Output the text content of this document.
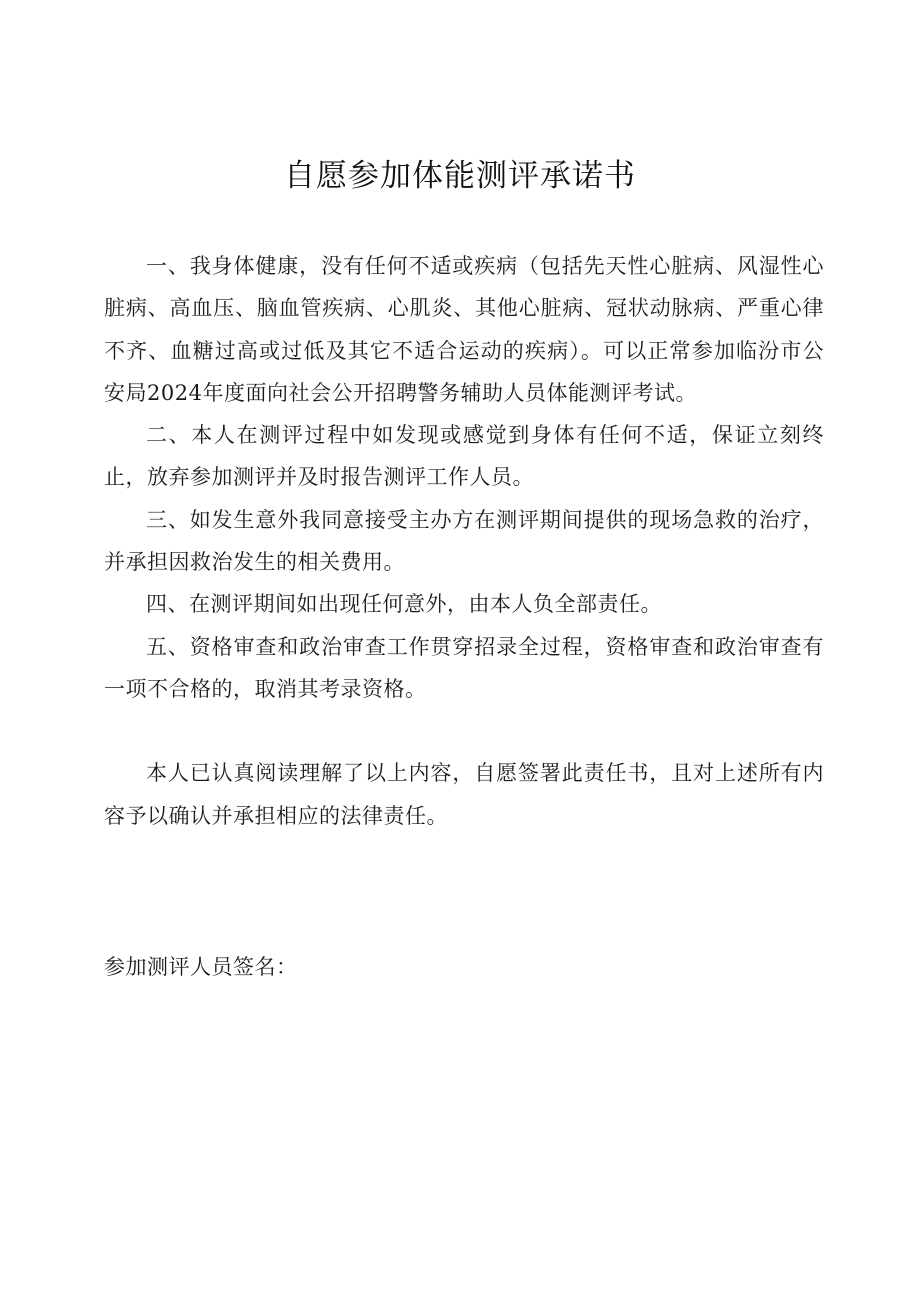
自愿参加体能测评承诺书

一、我身体健康，没有任何不适或疾病（包括先天性心脏病、风湿性心脏病、高血压、脑血管疾病、心肌炎、其他心脏病、冠状动脉病、严重心律不齐、血糖过高或过低及其它不适合运动的疾病）。可以正常参加临汾市公安局2024年度面向社会公开招聘警务辅助人员体能测评考试。

二、本人在测评过程中如发现或感觉到身体有任何不适，保证立刻终止，放弃参加测评并及时报告测评工作人员。

三、如发生意外我同意接受主办方在测评期间提供的现场急救的治疗，并承担因救治发生的相关费用。

四、在测评期间如出现任何意外，由本人负全部责任。

五、资格审查和政治审查工作贯穿招录全过程，资格审查和政治审查有一项不合格的，取消其考录资格。

本人已认真阅读理解了以上内容，自愿签署此责任书，且对上述所有内容予以确认并承担相应的法律责任。

参加测评人员签名：
